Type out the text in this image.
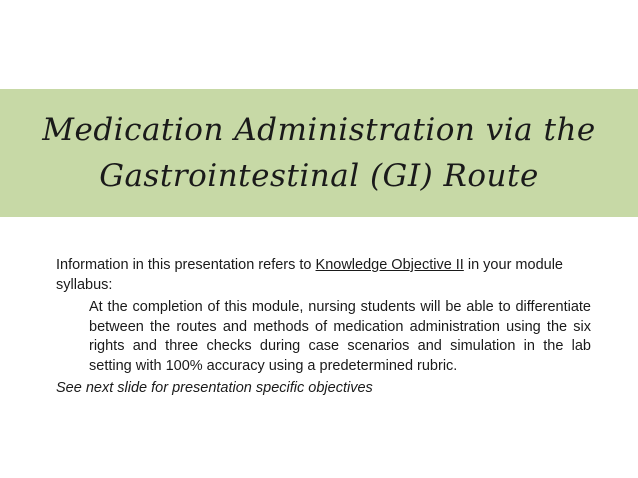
Medication Administration via the
Gastrointestinal (GI) Route

Information in this presentation refers to Knowledge Objective II in your module syllabus:

At the completion of this module, nursing students will be able to differentiate between the routes and methods of medication administration using the six rights and three checks during case scenarios and simulation in the lab setting with 100% accuracy using a predetermined rubric.

See next slide for presentation specific objectives
